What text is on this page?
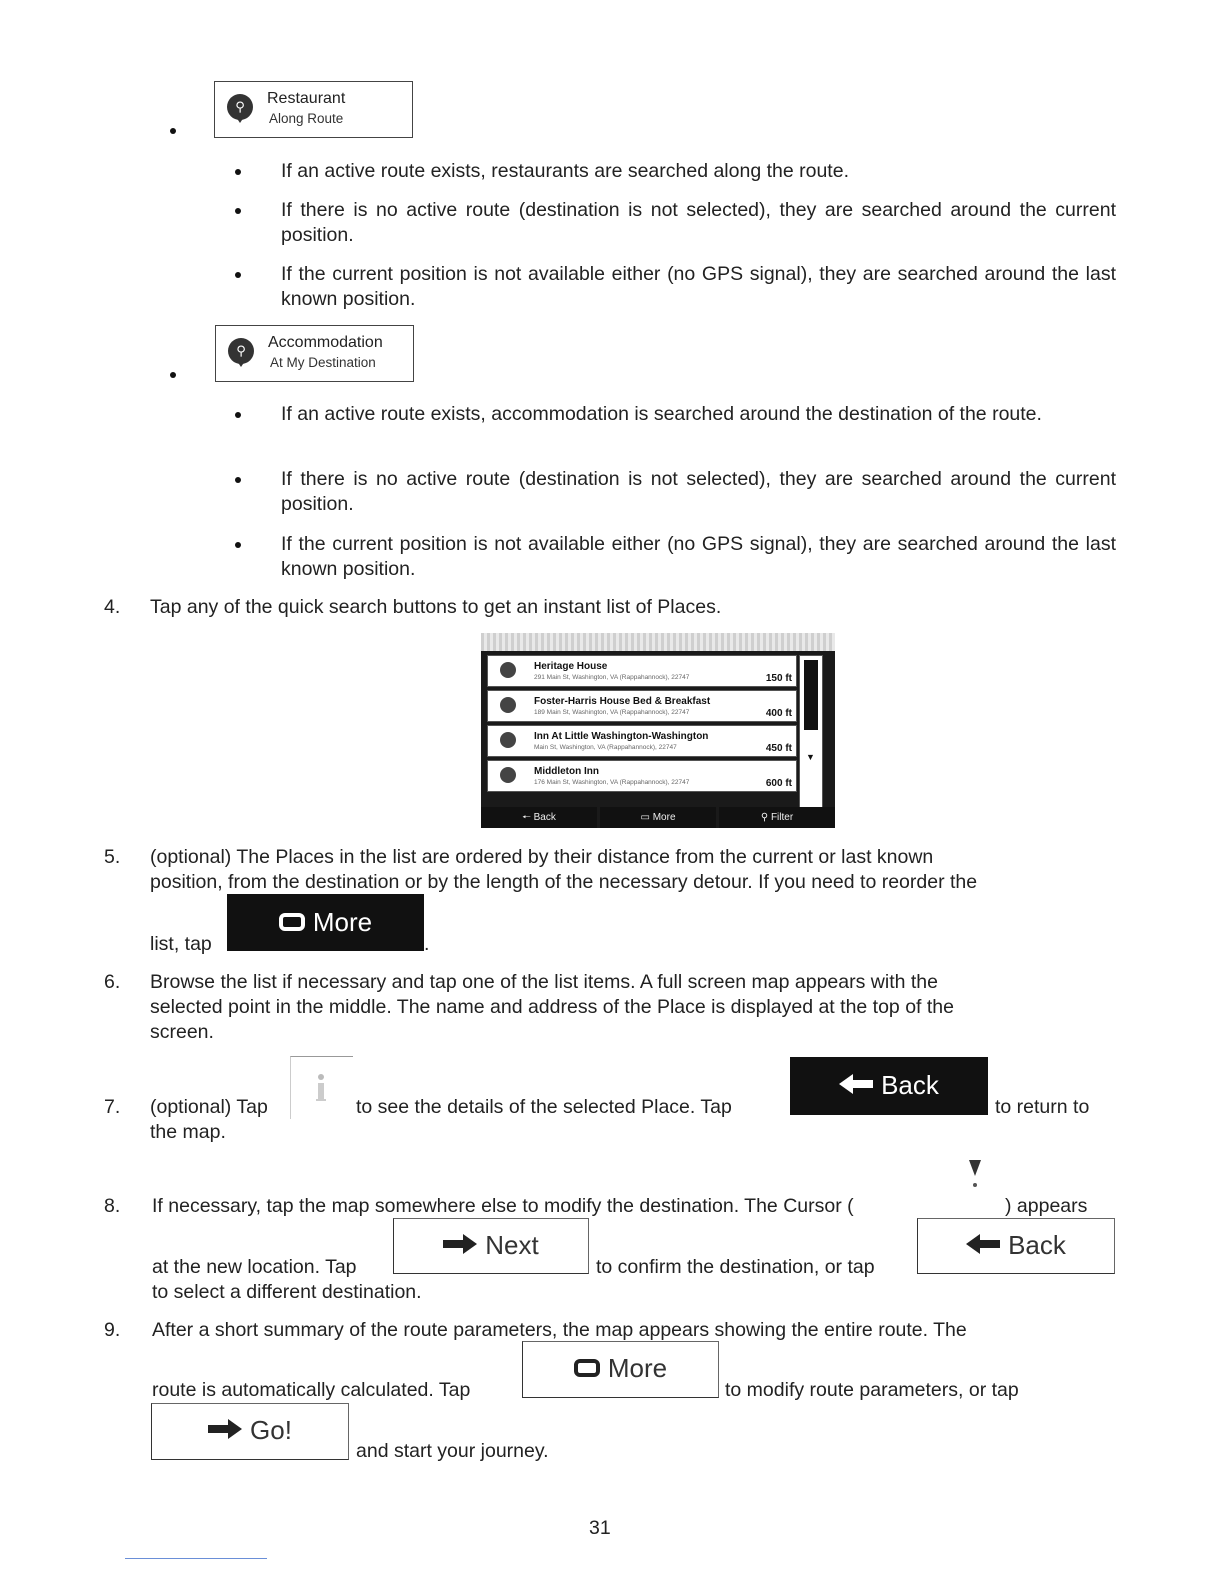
⚲	Restaurant
Along Route
If an active route exists, restaurants are searched along the route.
If there is no active route (destination is not selected), they are searched around the current position.
If the current position is not available either (no GPS signal), they are searched around the last known position.
⚲	Accommodation
At My Destination
If an active route exists, accommodation is searched around the destination of the route.
If there is no active route (destination is not selected), they are searched around the current position.
If the current position is not available either (no GPS signal), they are searched around the last known position.
4. Tap any of the quick search buttons to get an instant list of Places.
Heritage House
291 Main St, Washington, VA (Rappahannock), 22747	150 ft
Foster-Harris House Bed & Breakfast
189 Main St, Washington, VA (Rappahannock), 22747	400 ft
Inn At Little Washington-Washington
Main St, Washington, VA (Rappahannock), 22747	450 ft
Middleton Inn
176 Main St, Washington, VA (Rappahannock), 22747	600 ft
▼
🠔 Back	▭ More	⚲ Filter
5. (optional) The Places in the list are ordered by their distance from the current or last known
position, from the destination or by the length of the necessary detour. If you need to reorder the
list, tap
More
.
6. Browse the list if necessary and tap one of the list items. A full screen map appears with the
selected point in the middle. The name and address of the Place is displayed at the top of the
screen.
7. (optional) Tap	to see the details of the selected Place. Tap
Back
to return to
the map.
8. If necessary, tap the map somewhere else to modify the destination. The Cursor (	) appears
at the new location. Tap
Next
to confirm the destination, or tap
Back
to select a different destination.
9. After a short summary of the route parameters, the map appears showing the entire route. The
route is automatically calculated. Tap
More
to modify route parameters, or tap
Go!
and start your journey.
31
